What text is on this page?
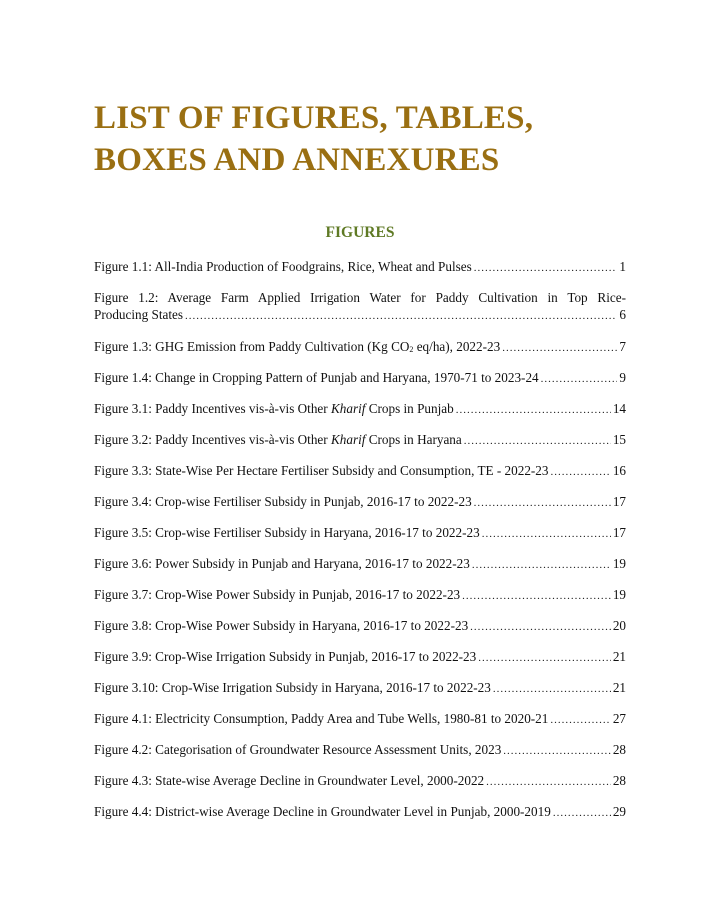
LIST OF FIGURES, TABLES,
BOXES AND ANNEXURES
FIGURES
Figure 1.1: All-India Production of Foodgrains, Rice, Wheat and Pulses .....	1
Figure 1.2: Average Farm Applied Irrigation Water for Paddy Cultivation in Top Rice-
Producing States .....	6
Figure 1.3: GHG Emission from Paddy Cultivation (Kg $CO_2$ eq/ha), 2022-23 .....	7
Figure 1.4: Change in Cropping Pattern of Punjab and Haryana, 1970-71 to 2023-24 .....	9
Figure 3.1: Paddy Incentives vis-à-vis Other Kharif Crops in Punjab .....	14
Figure 3.2: Paddy Incentives vis-à-vis Other Kharif Crops in Haryana .....	15
Figure 3.3: State-Wise Per Hectare Fertiliser Subsidy and Consumption, TE - 2022-23 .....	16
Figure 3.4: Crop-wise Fertiliser Subsidy in Punjab, 2016-17 to 2022-23 .....	17
Figure 3.5: Crop-wise Fertiliser Subsidy in Haryana, 2016-17 to 2022-23 .....	17
Figure 3.6: Power Subsidy in Punjab and Haryana, 2016-17 to 2022-23 .....	19
Figure 3.7: Crop-Wise Power Subsidy in Punjab, 2016-17 to 2022-23 .....	19
Figure 3.8: Crop-Wise Power Subsidy in Haryana, 2016-17 to 2022-23 .....	20
Figure 3.9: Crop-Wise Irrigation Subsidy in Punjab, 2016-17 to 2022-23 .....	21
Figure 3.10: Crop-Wise Irrigation Subsidy in Haryana, 2016-17 to 2022-23 .....	21
Figure 4.1: Electricity Consumption, Paddy Area and Tube Wells, 1980-81 to 2020-21 .....	27
Figure 4.2: Categorisation of Groundwater Resource Assessment Units, 2023 .....	28
Figure 4.3: State-wise Average Decline in Groundwater Level, 2000-2022 .....	28
Figure 4.4: District-wise Average Decline in Groundwater Level in Punjab, 2000-2019 .....	29
